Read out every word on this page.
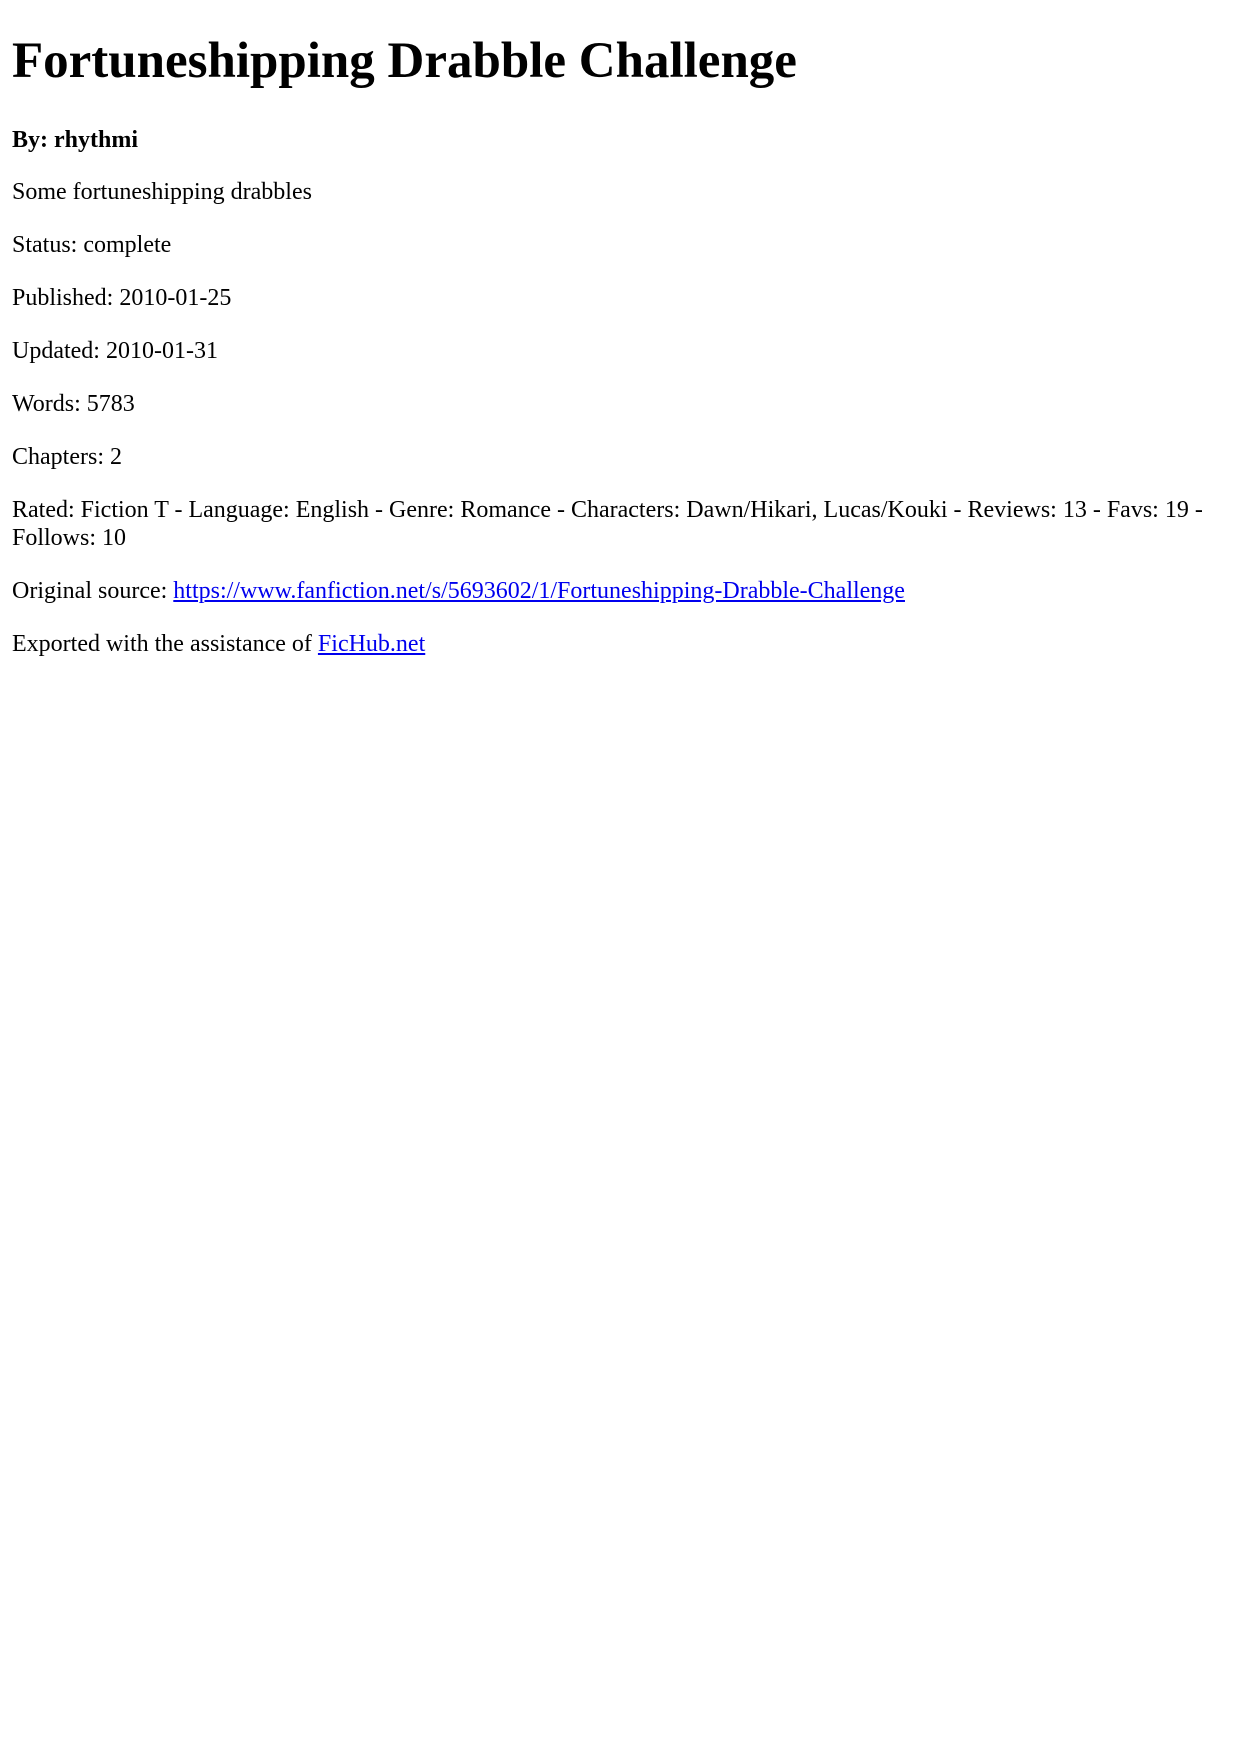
Fortuneshipping Drabble Challenge
By: rhythmi

Some fortuneshipping drabbles

Status: complete

Published: 2010-01-25

Updated: 2010-01-31

Words: 5783

Chapters: 2

Rated: Fiction T - Language: English - Genre: Romance - Characters: Dawn/Hikari, Lucas/Kouki - Reviews: 13 - Favs: 19 - Follows: 10

Original source: https://www.fanfiction.net/s/5693602/1/Fortuneshipping-Drabble-Challenge

Exported with the assistance of FicHub.net
